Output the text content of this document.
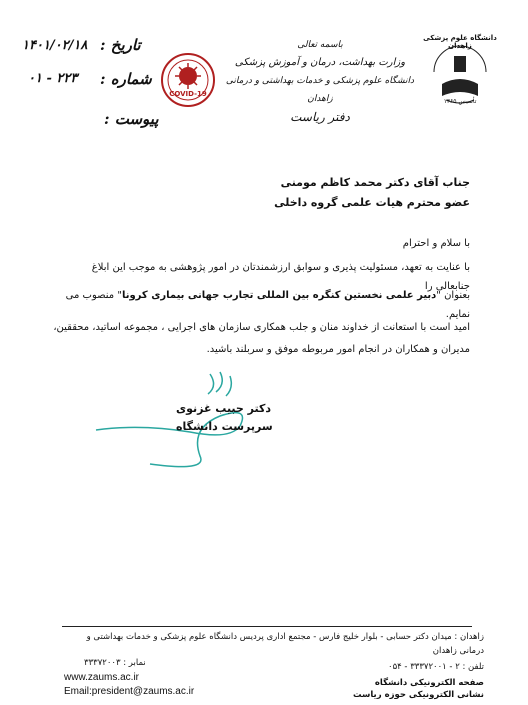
دانشگاه علوم پزشکی زاهدان
تأسیس ۱۳۶۵
باسمه تعالی
وزارت بهداشت، درمان و آموزش پزشکی
دانشگاه علوم پزشکی و خدمات بهداشتی و درمانی زاهدان
دفتر ریاست
COVID-19
تاریخ :
۱۴۰۱/۰۲/۱۸
شماره :
۰۱ - ۲۲۳
پیوست :
جناب آقای دکتر محمد کاظم مومنی
عضو محترم هیات علمی گروه داخلی
با سلام و احترام
با عنایت به تعهد، مسئولیت پذیری و سوابق ارزشمندتان در امور پژوهشی به موجب این ابلاغ جنابعالی را
بعنوان "دبیر علمی نخستین کنگره بین المللی تجارب جهانی بیماری کرونا" منصوب می نمایم.
امید است با استعانت از خداوند منان و جلب همکاری سازمان های اجرایی ، مجموعه اساتید، محققین،
مدیران و همکاران در انجام امور مربوطه موفق و سربلند باشید.
دکتر حبیب غزنوی
سرپرست دانشگاه
زاهدان : میدان دکتر حسابی - بلوار خلیج فارس - مجتمع اداری پردیس دانشگاه علوم پزشکی و خدمات بهداشتی و درمانی زاهدان
تلفن : ۲ - ۳۳۳۷۲۰۰۱ - ۰۵۴
نمابر : ۳۳۳۷۲۰۰۳
صفحه الکترونیکی دانشگاه
نشانی الکترونیکی حوزه ریاست
www.zaums.ac.ir
Email:president@zaums.ac.ir
